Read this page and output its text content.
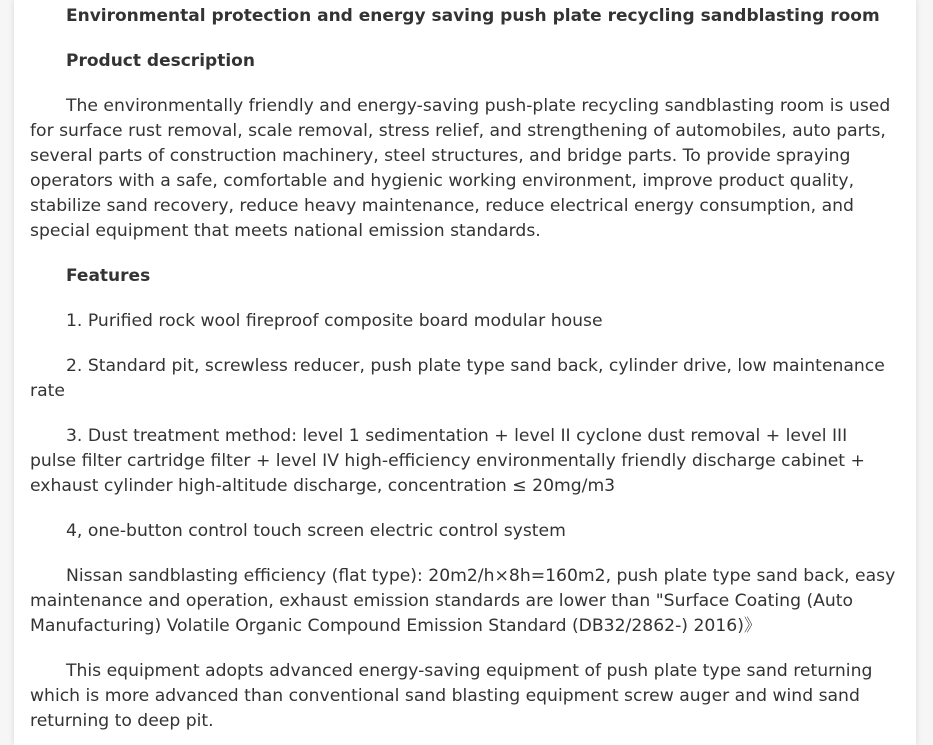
Environmental protection and energy saving push plate recycling sandblasting room

Product description

The environmentally friendly and energy-saving push-plate recycling sandblasting room is used for surface rust removal, scale removal, stress relief, and strengthening of automobiles, auto parts, several parts of construction machinery, steel structures, and bridge parts. To provide spraying operators with a safe, comfortable and hygienic working environment, improve product quality, stabilize sand recovery, reduce heavy maintenance, reduce electrical energy consumption, and special equipment that meets national emission standards.

Features

1. Purified rock wool fireproof composite board modular house

2. Standard pit, screwless reducer, push plate type sand back, cylinder drive, low maintenance rate

3. Dust treatment method: level 1 sedimentation + level II cyclone dust removal + level III pulse filter cartridge filter + level IV high-efficiency environmentally friendly discharge cabinet + exhaust cylinder high-altitude discharge, concentration ≤ 20mg/m3

4, one-button control touch screen electric control system

Nissan sandblasting efficiency (flat type): 20m2/h×8h=160m2, push plate type sand back, easy maintenance and operation, exhaust emission standards are lower than "Surface Coating (Auto Manufacturing) Volatile Organic Compound Emission Standard (DB32/2862-) 2016)》

This equipment adopts advanced energy-saving equipment of push plate type sand returning which is more advanced than conventional sand blasting equipment screw auger and wind sand returning to deep pit.
